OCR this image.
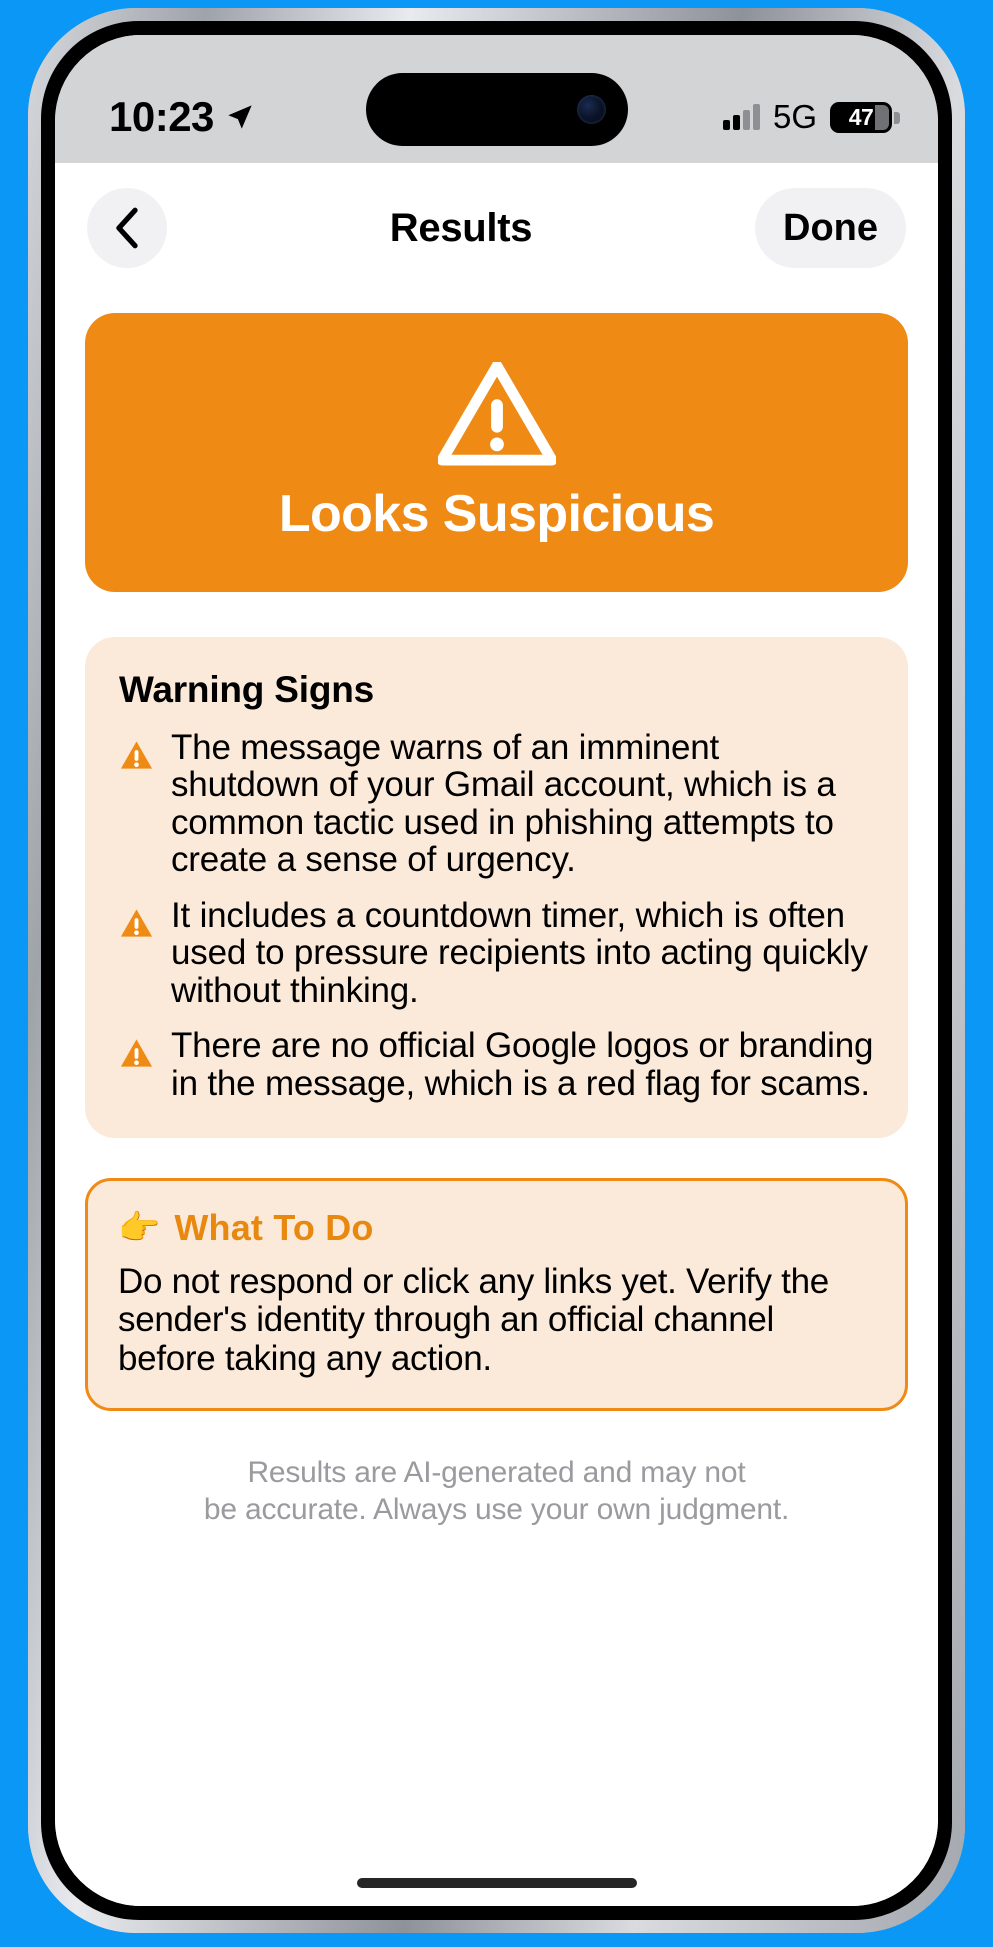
10:23	5G 47
Results	Done
Looks Suspicious
Warning Signs
The message warns of an imminent shutdown of your Gmail account, which is a common tactic used in phishing attempts to create a sense of urgency.
It includes a countdown timer, which is often used to pressure recipients into acting quickly without thinking.
There are no official Google logos or branding in the message, which is a red flag for scams.
👉 What To Do
Do not respond or click any links yet. Verify the sender's identity through an official channel before taking any action.
Results are AI-generated and may not
be accurate. Always use your own judgment.
